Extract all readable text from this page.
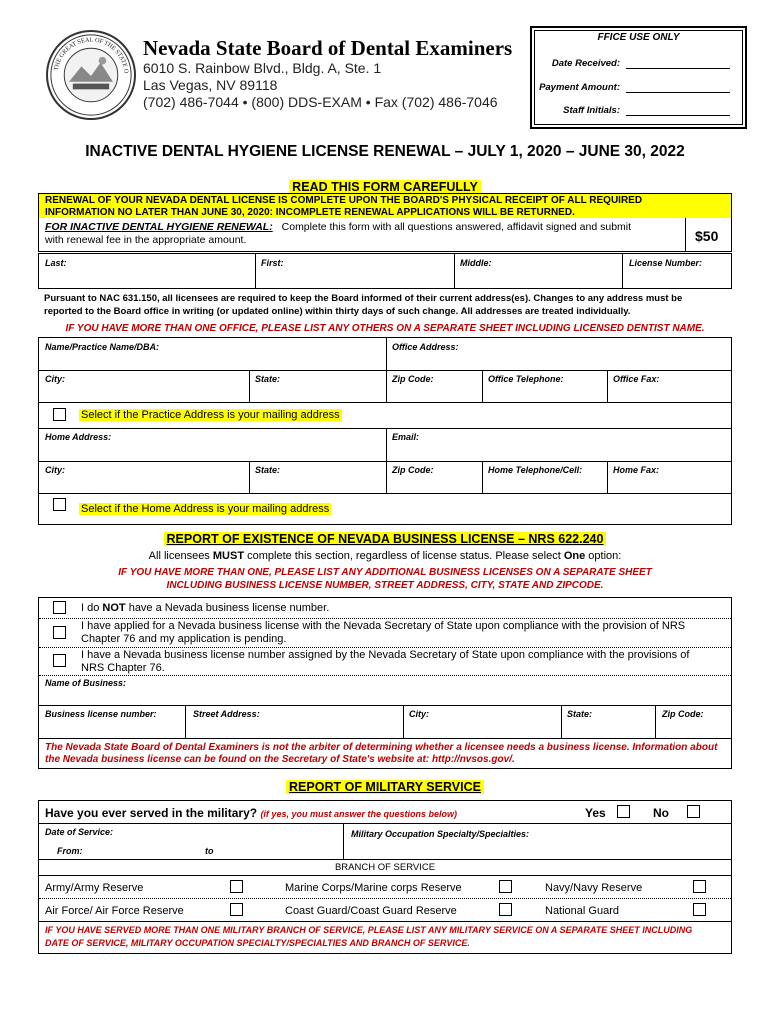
THE GREAT SEAL OF THE STATE O
Nevada State Board of Dental Examiners
6010 S. Rainbow Blvd., Bldg. A, Ste. 1
Las Vegas, NV 89118
(702) 486-7044 • (800) DDS-EXAM • Fax (702) 486-7046
FFICE USE ONLY
Date Received:
Payment Amount:
Staff Initials:
INACTIVE DENTAL HYGIENE LICENSE RENEWAL – JULY 1, 2020 – JUNE 30, 2022
READ THIS FORM CAREFULLY
RENEWAL OF YOUR NEVADA DENTAL LICENSE IS COMPLETE UPON THE BOARD'S PHYSICAL RECEIPT OF ALL REQUIRED
INFORMATION NO LATER THAN JUNE 30, 2020: INCOMPLETE RENEWAL APPLICATIONS WILL BE RETURNED.
FOR INACTIVE DENTAL HYGIENE RENEWAL: Complete this form with all questions answered, affidavit signed and submit
with renewal fee in the appropriate amount.	$50
Last:	First:	Middle:	License Number:
Pursuant to NAC 631.150, all licensees are required to keep the Board informed of their current address(es). Changes to any address must be
reported to the Board office in writing (or updated online) within thirty days of such change. All addresses are treated individually.
IF YOU HAVE MORE THAN ONE OFFICE, PLEASE LIST ANY OTHERS ON A SEPARATE SHEET INCLUDING LICENSED DENTIST NAME.
Name/Practice Name/DBA:	Office Address:
City:	State:	Zip Code:	Office Telephone:	Office Fax:
Select if the Practice Address is your mailing address
Home Address:	Email:
City:	State:	Zip Code:	Home Telephone/Cell:	Home Fax:
Select if the Home Address is your mailing address
REPORT OF EXISTENCE OF NEVADA BUSINESS LICENSE – NRS 622.240
All licensees MUST complete this section, regardless of license status. Please select One option:
IF YOU HAVE MORE THAN ONE, PLEASE LIST ANY ADDITIONAL BUSINESS LICENSES ON A SEPARATE SHEET
INCLUDING BUSINESS LICENSE NUMBER, STREET ADDRESS, CITY, STATE AND ZIPCODE.
I do NOT have a Nevada business license number.
I have applied for a Nevada business license with the Nevada Secretary of State upon compliance with the provision of NRS
Chapter 76 and my application is pending.
I have a Nevada business license number assigned by the Nevada Secretary of State upon compliance with the provisions of
NRS Chapter 76.
Name of Business:
Business license number:	Street Address:	City:	State:	Zip Code:
The Nevada State Board of Dental Examiners is not the arbiter of determining whether a licensee needs a business license. Information about
the Nevada business license can be found on the Secretary of State's website at: http://nvsos.gov/.
REPORT OF MILITARY SERVICE
Have you ever served in the military? (if yes, you must answer the questions below)	Yes	No
Date of Service:	Military Occupation Specialty/Specialties:
From:	to
BRANCH OF SERVICE
Army/Army Reserve	Marine Corps/Marine corps Reserve	Navy/Navy Reserve
Air Force/ Air Force Reserve	Coast Guard/Coast Guard Reserve	National Guard
IF YOU HAVE SERVED MORE THAN ONE MILITARY BRANCH OF SERVICE, PLEASE LIST ANY MILITARY SERVICE ON A SEPARATE SHEET INCLUDING
DATE OF SERVICE, MILITARY OCCUPATION SPECIALTY/SPECIALTIES AND BRANCH OF SERVICE.
